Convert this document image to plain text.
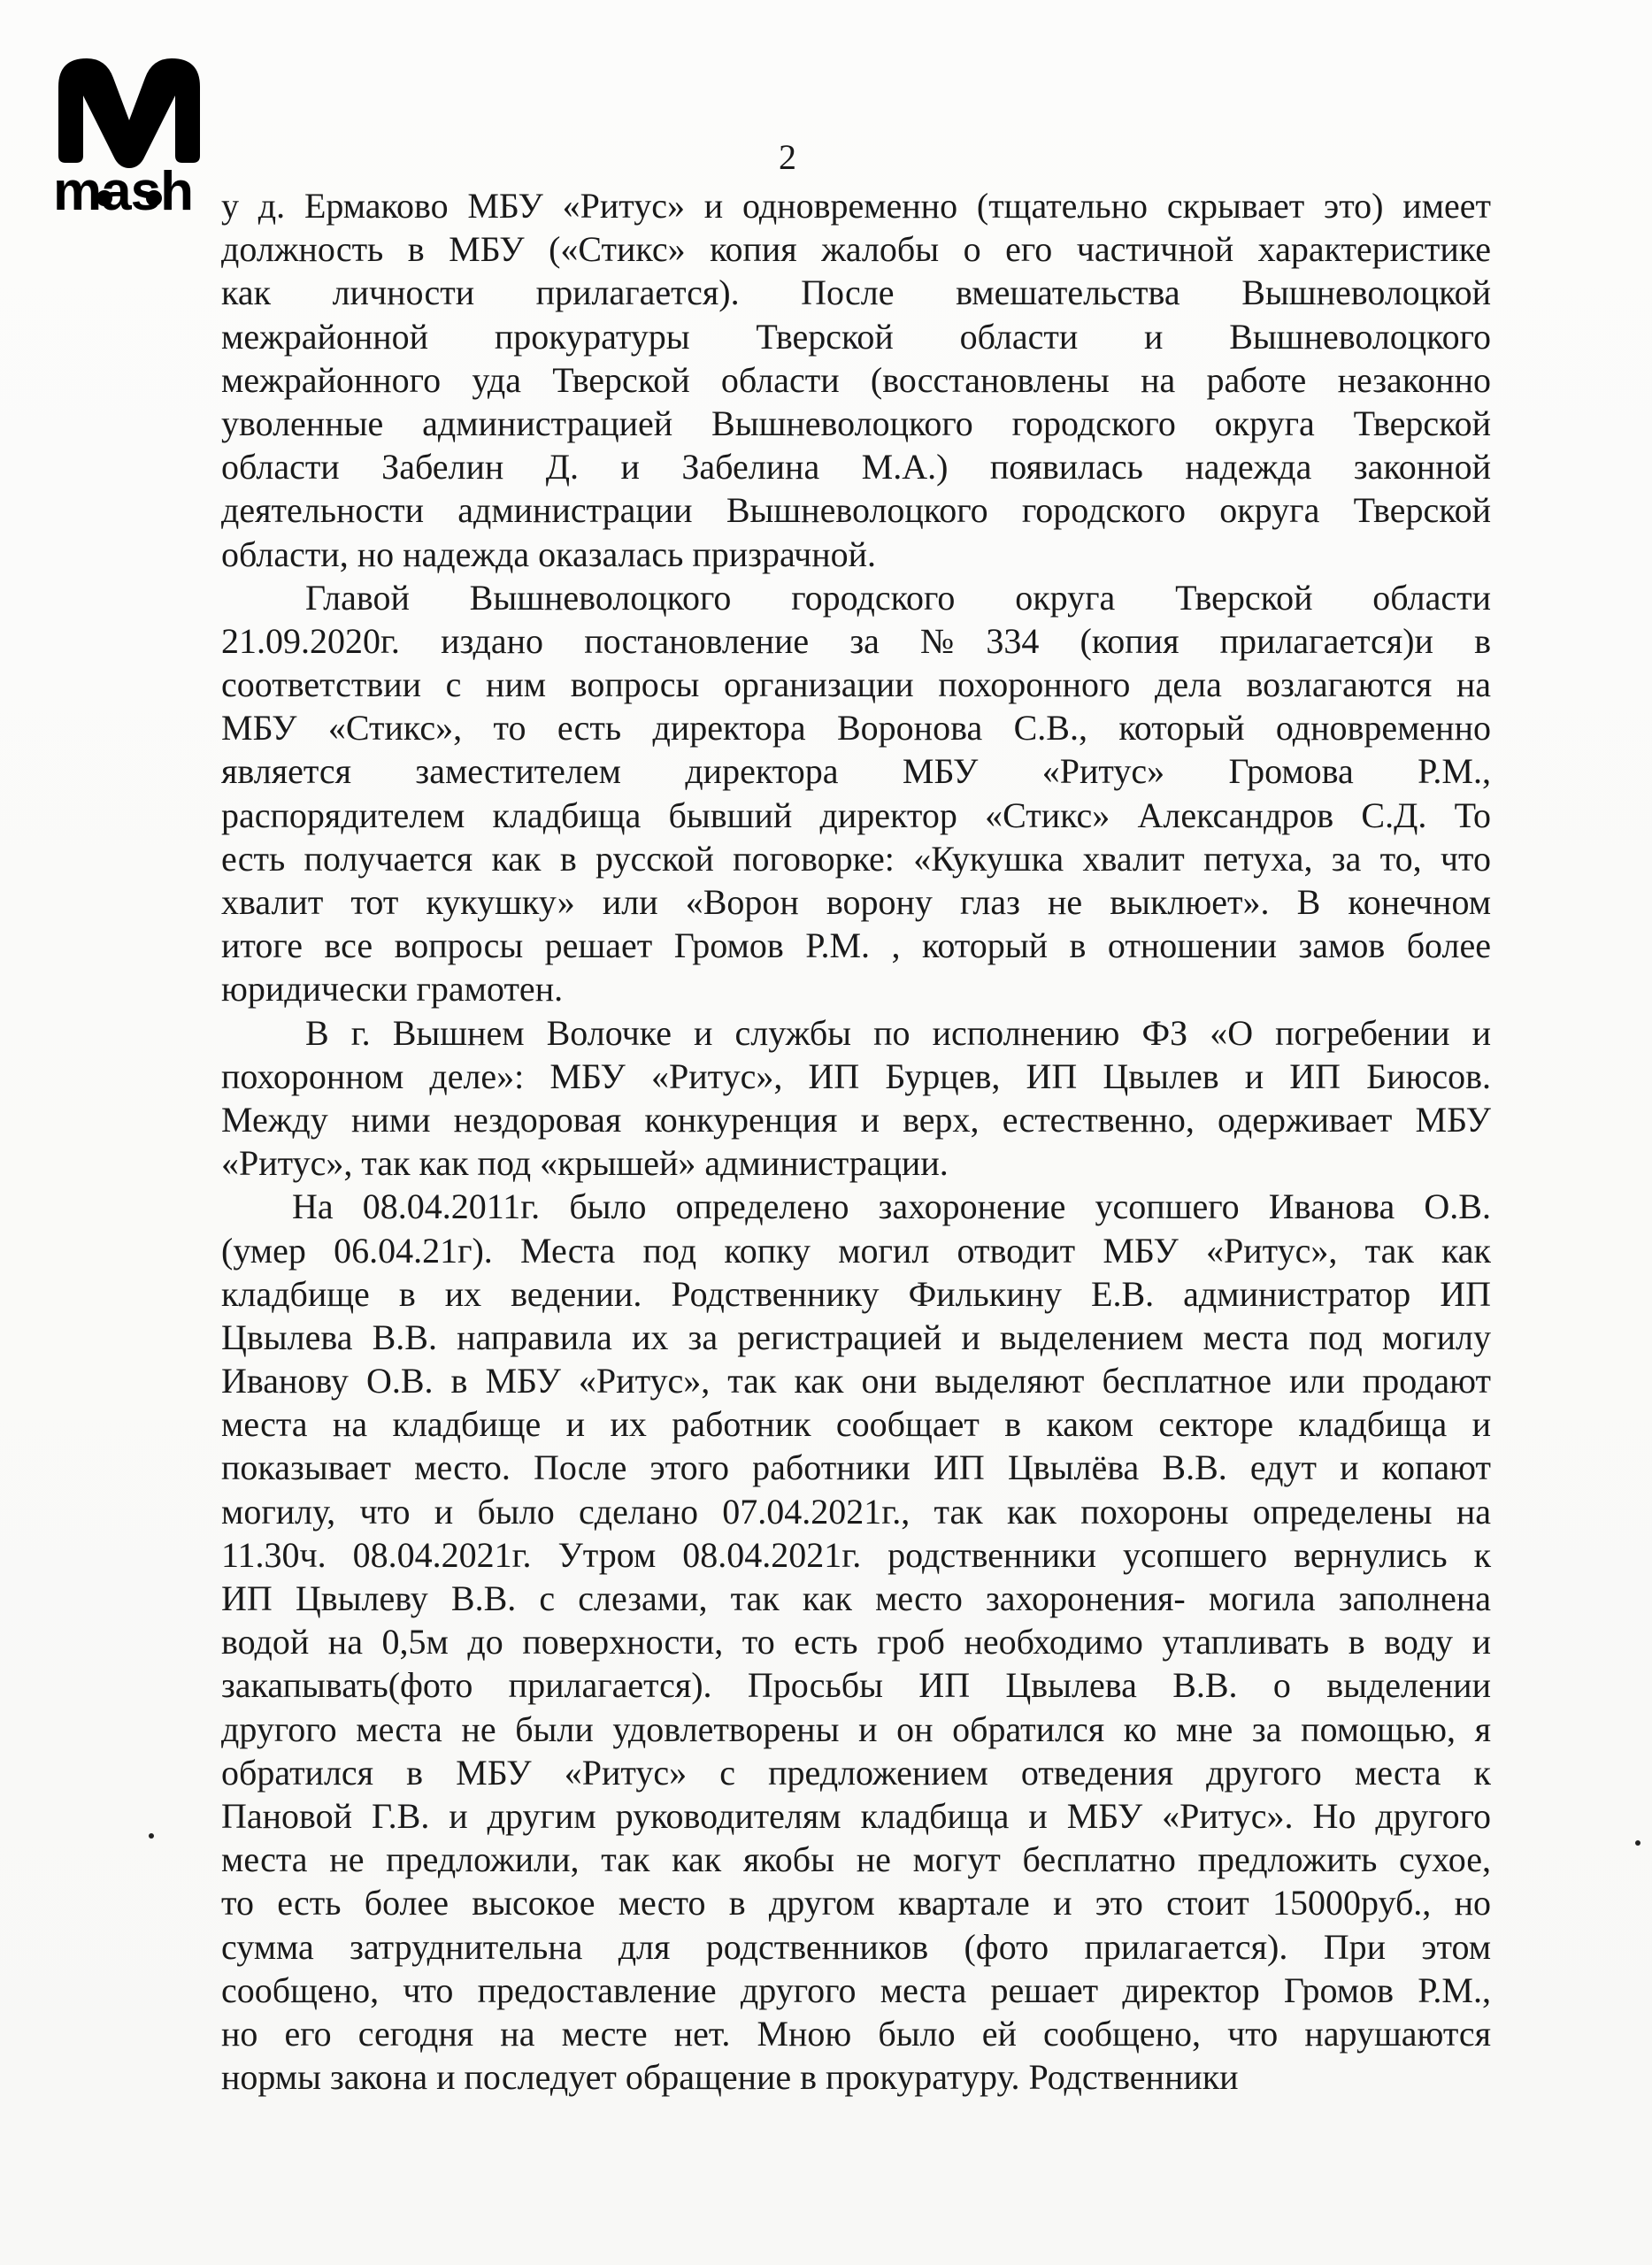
mash
2
у д. Ермаково МБУ «Ритус» и одновременно (тщательно скрывает это) имеет
должность в МБУ («Стикс» копия жалобы о его частичной характеристике
как личности прилагается). После вмешательства Вышневолоцкой
межрайонной прокуратуры Тверской области и Вышневолоцкого
межрайонного уда Тверской области (восстановлены на работе незаконно
уволенные администрацией Вышневолоцкого городского округа Тверской
области Забелин Д. и Забелина М.А.) появилась надежда законной
деятельности администрации Вышневолоцкого городского округа Тверской
области, но надежда оказалась призрачной.
Главой Вышневолоцкого городского округа Тверской области
21.09.2020г. издано постановление за №334 (копия прилагается)и в
соответствии с ним вопросы организации похоронного дела возлагаются на
МБУ «Стикс», то есть директора Воронова С.В., который одновременно
является заместителем директора МБУ «Ритус» Громова Р.М.,
распорядителем кладбища бывший директор «Стикс» Александров С.Д. То
есть получается как в русской поговорке: «Кукушка хвалит петуха, за то, что
хвалит тот кукушку» или «Ворон ворону глаз не выклюет». В конечном
итоге все вопросы решает Громов Р.М. , который в отношении замов более
юридически грамотен.
В г. Вышнем Волочке и службы по исполнению ФЗ «О погребении и
похоронном деле»: МБУ «Ритус», ИП Бурцев, ИП Цвылев и ИП Биюсов.
Между ними нездоровая конкуренция и верх, естественно, одерживает МБУ
«Ритус», так как под «крышей» администрации.
На 08.04.2011г. было определено захоронение усопшего Иванова О.В.
(умер 06.04.21г). Места под копку могил отводит МБУ «Ритус», так как
кладбище в их ведении. Родственнику Филькину Е.В. администратор ИП
Цвылева В.В. направила их за регистрацией и выделением места под могилу
Иванову О.В. в МБУ «Ритус», так как они выделяют бесплатное или продают
места на кладбище и их работник сообщает в каком секторе кладбища и
показывает место. После этого работники ИП Цвылёва В.В. едут и копают
могилу, что и было сделано 07.04.2021г., так как похороны определены на
11.30ч. 08.04.2021г. Утром 08.04.2021г. родственники усопшего вернулись к
ИП Цвылеву В.В. с слезами, так как место захоронения- могила заполнена
водой на 0,5м до поверхности, то есть гроб необходимо утапливать в воду и
закапывать(фото прилагается). Просьбы ИП Цвылева В.В. о выделении
другого места не были удовлетворены и он обратился ко мне за помощью, я
обратился в МБУ «Ритус» с предложением отведения другого места к
Пановой Г.В. и другим руководителям кладбища и МБУ «Ритус». Но другого
места не предложили, так как якобы не могут бесплатно предложить сухое,
то есть более высокое место в другом квартале и это стоит 15000руб., но
сумма затруднительна для родственников (фото прилагается). При этом
сообщено, что предоставление другого места решает директор Громов Р.М.,
но его сегодня на месте нет. Мною было ей сообщено, что нарушаются
нормы закона и последует обращение в прокуратуру. Родственники
